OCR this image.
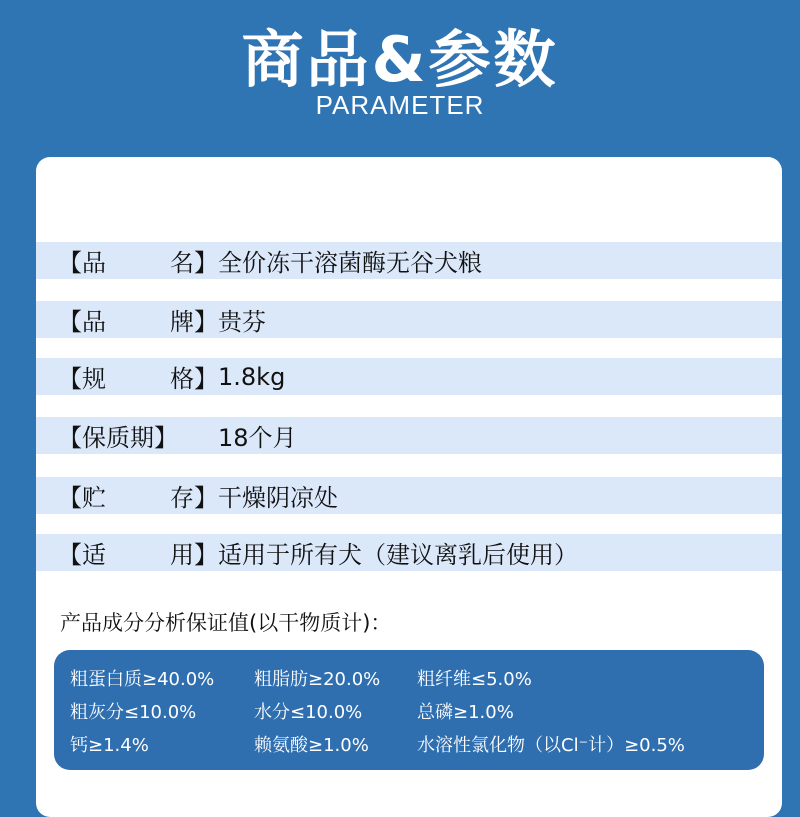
商品&参数
PARAMETER
【品	名】 全价冻干溶菌酶无谷犬粮
【品	牌】 贵芬
【规	格】 1.8kg
【保质期】 18个月
【贮	存】 干燥阴凉处
【适	用】 适用于所有犬（建议离乳后使用）
产品成分分析保证值(以干物质计)：
粗蛋白质≥40.0% 粗脂肪≥20.0% 粗纤维≤5.0%
粗灰分≤10.0%	水分≤10.0%	总磷≥1.0%
钙≥1.4%	赖氨酸≥1.0%	水溶性氯化物（以Cl⁻计）≥0.5%
